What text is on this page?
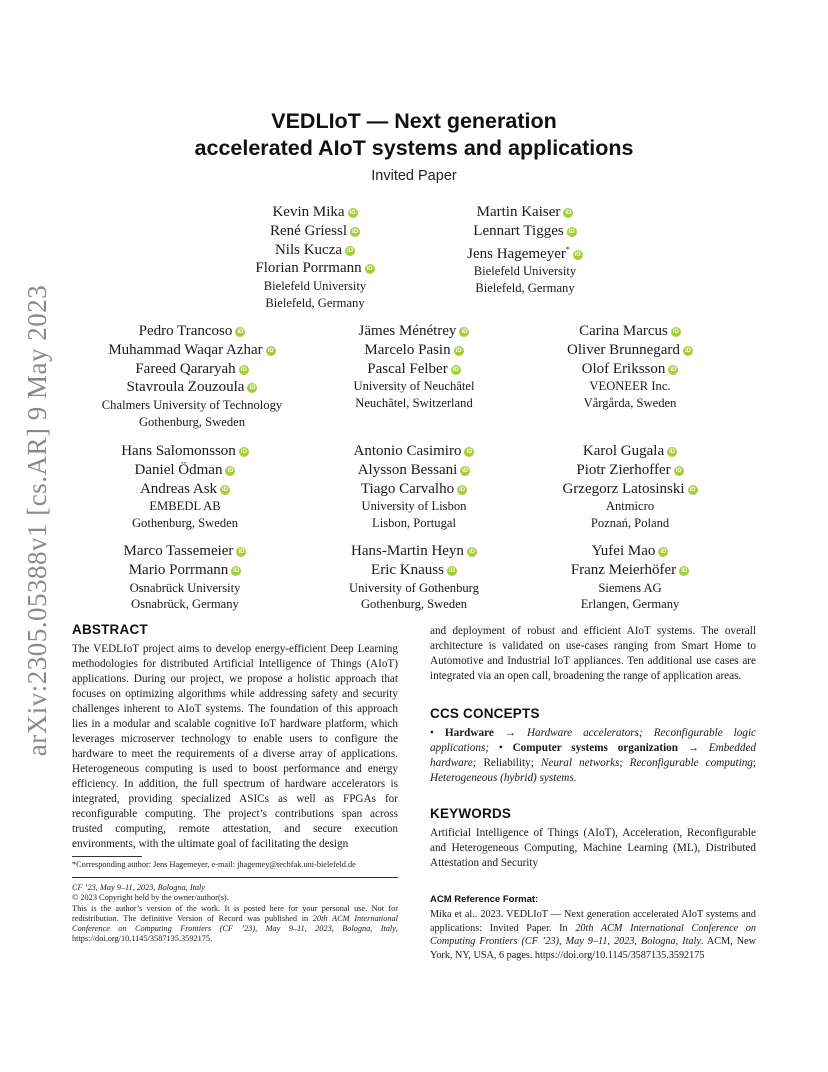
arXiv:2305.05388v1 [cs.AR] 9 May 2023
VEDLIoT — Next generation
accelerated AIoT systems and applications
Invited Paper
Kevin Mika iD
René Griessl iD
Nils Kucza iD
Florian Porrmann iD
Bielefeld University
Bielefeld, Germany
Martin Kaiser iD
Lennart Tigges iD
Jens Hagemeyer*iD
Bielefeld University
Bielefeld, Germany
Pedro Trancoso iD
Muhammad Waqar Azhar iD
Fareed Qararyah iD
Stavroula Zouzoula iD
Chalmers University of Technology
Gothenburg, Sweden
Jämes Ménétrey iD
Marcelo Pasin iD
Pascal Felber iD
University of Neuchâtel
Neuchâtel, Switzerland
Carina Marcus iD
Oliver Brunnegard iD
Olof Eriksson iD
VEONEER Inc.
Vårgårda, Sweden
Hans Salomonsson iD
Daniel Ödman iD
Andreas Ask iD
EMBEDL AB
Gothenburg, Sweden
Antonio Casimiro iD
Alysson Bessani iD
Tiago Carvalho iD
University of Lisbon
Lisbon, Portugal
Karol Gugala iD
Piotr Zierhoffer iD
Grzegorz Latosinski iD
Antmicro
Poznań, Poland
Marco Tassemeier iD
Mario Porrmann iD
Osnabrück University
Osnabrück, Germany
Hans-Martin Heyn iD
Eric Knauss iD
University of Gothenburg
Gothenburg, Sweden
Yufei Mao iD
Franz Meierhöfer iD
Siemens AG
Erlangen, Germany
ABSTRACT
The VEDLIoT project aims to develop energy-efficient Deep Learning methodologies for distributed Artificial Intelligence of Things (AIoT) applications. During our project, we propose a holistic approach that focuses on optimizing algorithms while addressing safety and security challenges inherent to AIoT systems. The foundation of this approach lies in a modular and scalable cognitive IoT hardware platform, which leverages microserver technology to enable users to configure the hardware to meet the requirements of a diverse array of applications. Heterogeneous computing is used to boost performance and energy efficiency. In addition, the full spectrum of hardware accelerators is integrated, providing specialized ASICs as well as FPGAs for reconfigurable computing. The project’s contributions span across trusted computing, remote attestation, and secure execution environments, with the ultimate goal of facilitating the design
and deployment of robust and efficient AIoT systems. The overall architecture is validated on use-cases ranging from Smart Home to Automotive and Industrial IoT appliances. Ten additional use cases are integrated via an open call, broadening the range of application areas.
*Corresponding author: Jens Hagemeyer, e-mail: jhagemey@techfak.uni-bielefeld.de
CF ’23, May 9–11, 2023, Bologna, Italy
© 2023 Copyright held by the owner/author(s).
This is the author’s version of the work. It is posted here for your personal use. Not for redistribution. The definitive Version of Record was published in 20th ACM International Conference on Computing Frontiers (CF ’23), May 9–11, 2023, Bologna, Italy, https://doi.org/10.1145/3587135.3592175.
CCS CONCEPTS
• Hardware → Hardware accelerators; Reconfigurable logic applications; • Computer systems organization → Embedded hardware; Reliability; Neural networks; Reconfigurable computing; Heterogeneous (hybrid) systems.
KEYWORDS
Artificial Intelligence of Things (AIoT), Acceleration, Reconfigurable and Heterogeneous Computing, Machine Learning (ML), Distributed Attestation and Security
ACM Reference Format:
Mika et al.. 2023. VEDLIoT — Next generation accelerated AIoT systems and applications: Invited Paper. In 20th ACM International Conference on Computing Frontiers (CF ’23), May 9–11, 2023, Bologna, Italy. ACM, New York, NY, USA, 6 pages. https://doi.org/10.1145/3587135.3592175
